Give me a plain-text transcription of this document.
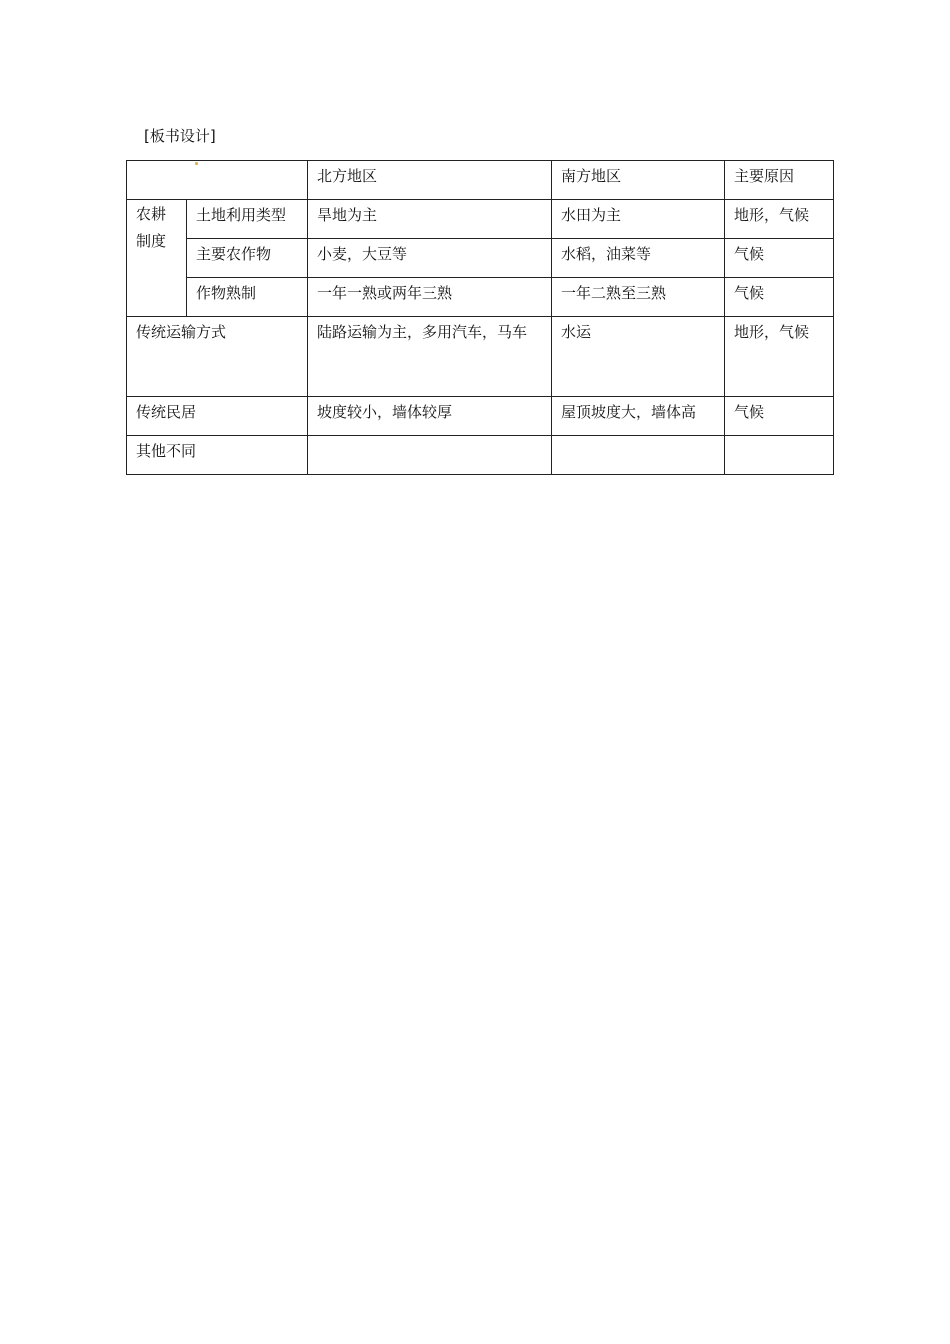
[板书设计]
		北方地区	南方地区	主要原因

农耕
制度	土地利用类型	旱地为主	水田为主	地形，气候
	主要农作物	小麦，大豆等	水稻，油菜等	气候
	作物熟制	一年一熟或两年三熟	一年二熟至三熟	气候
传统运输方式		陆路运输为主，多用汽车，马车	水运	地形，气候
传统民居		坡度较小，墙体较厚	屋顶坡度大，墙体高	气候
其他不同				
